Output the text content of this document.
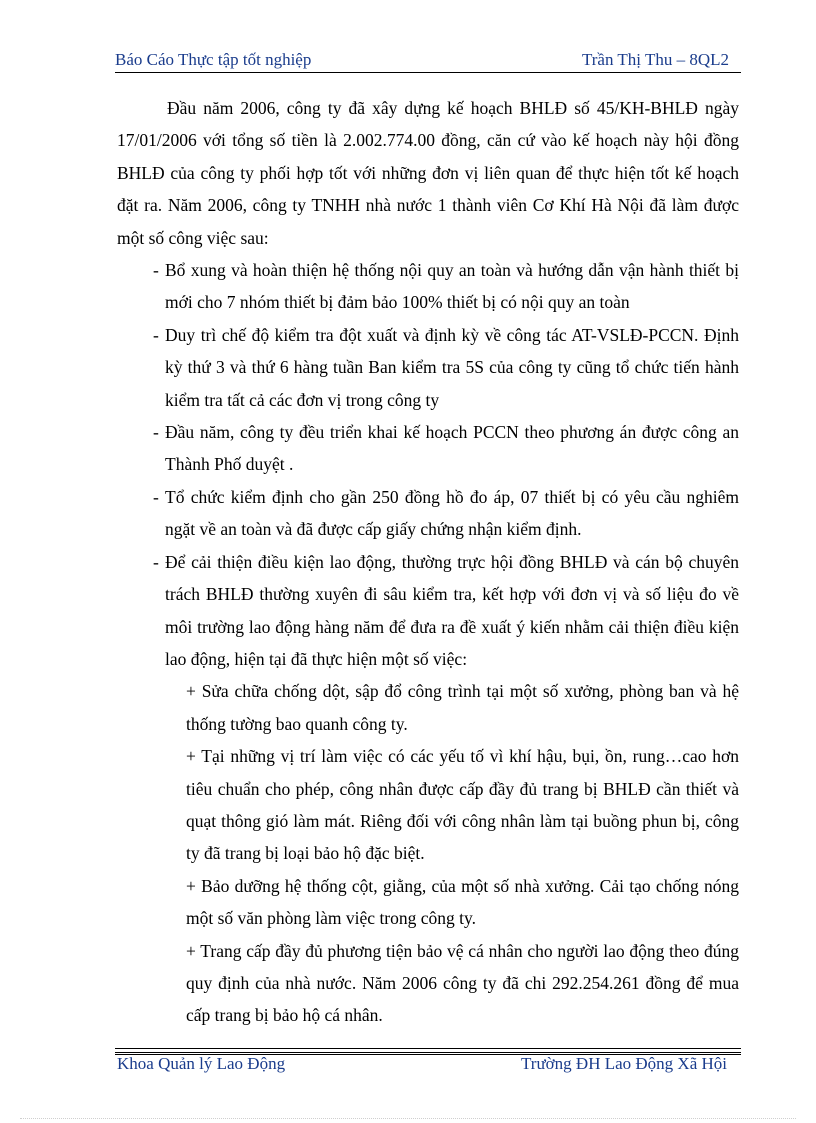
Báo Cáo Thực tập tốt nghiệp	Trần Thị Thu – 8QL2

Đầu năm 2006, công ty đã xây dựng kế hoạch BHLĐ số 45/KH-BHLĐ ngày 17/01/2006 với tổng số tiền là 2.002.774.00 đồng, căn cứ vào kế hoạch này hội đồng BHLĐ của công ty phối hợp tốt với những đơn vị liên quan để thực hiện tốt kế hoạch đặt ra. Năm 2006, công ty TNHH nhà nước 1 thành viên Cơ Khí Hà Nội đã làm được một số công việc sau:

- Bổ xung và hoàn thiện hệ thống nội quy an toàn và hướng dẫn vận hành thiết bị mới cho 7 nhóm thiết bị đảm bảo 100% thiết bị có nội quy an toàn

- Duy trì chế độ kiểm tra đột xuất và định kỳ về công tác AT-VSLĐ-PCCN. Định kỳ thứ 3 và thứ 6 hàng tuần Ban kiểm tra 5S của công ty cũng tổ chức tiến hành kiểm tra tất cả các đơn vị trong công ty

- Đầu năm, công ty đều triển khai kế hoạch PCCN theo phương án được công an Thành Phố duyệt .

- Tổ chức kiểm định cho gần 250 đồng hồ đo áp, 07 thiết bị có yêu cầu nghiêm ngặt về an toàn và đã được cấp giấy chứng nhận kiểm định.

- Để cải thiện điều kiện lao động, thường trực hội đồng BHLĐ và cán bộ chuyên trách BHLĐ thường xuyên đi sâu kiểm tra, kết hợp với đơn vị và số liệu đo về môi trường lao động hàng năm để đưa ra đề xuất ý kiến nhằm cải thiện điều kiện lao động, hiện tại đã thực hiện một số việc:

+ Sửa chữa chống dột, sập đổ công trình tại một số xưởng, phòng ban và hệ thống tường bao quanh công ty.

+ Tại những vị trí làm việc có các yếu tố vì khí hậu, bụi, ồn, rung…cao hơn tiêu chuẩn cho phép, công nhân được cấp đầy đủ trang bị BHLĐ cần thiết và quạt thông gió làm mát. Riêng đối với công nhân làm tại buồng phun bị, công ty đã trang bị loại bảo hộ đặc biệt.

+ Bảo dưỡng hệ thống cột, giằng, của một số nhà xưởng. Cải tạo chống nóng một số văn phòng làm việc trong công ty.

+ Trang cấp đầy đủ phương tiện bảo vệ cá nhân cho người lao động theo đúng quy định của nhà nước. Năm 2006 công ty đã chi 292.254.261 đồng để mua cấp trang bị bảo hộ cá nhân.

Khoa Quản lý Lao Động	Trường ĐH Lao Động Xã Hội
